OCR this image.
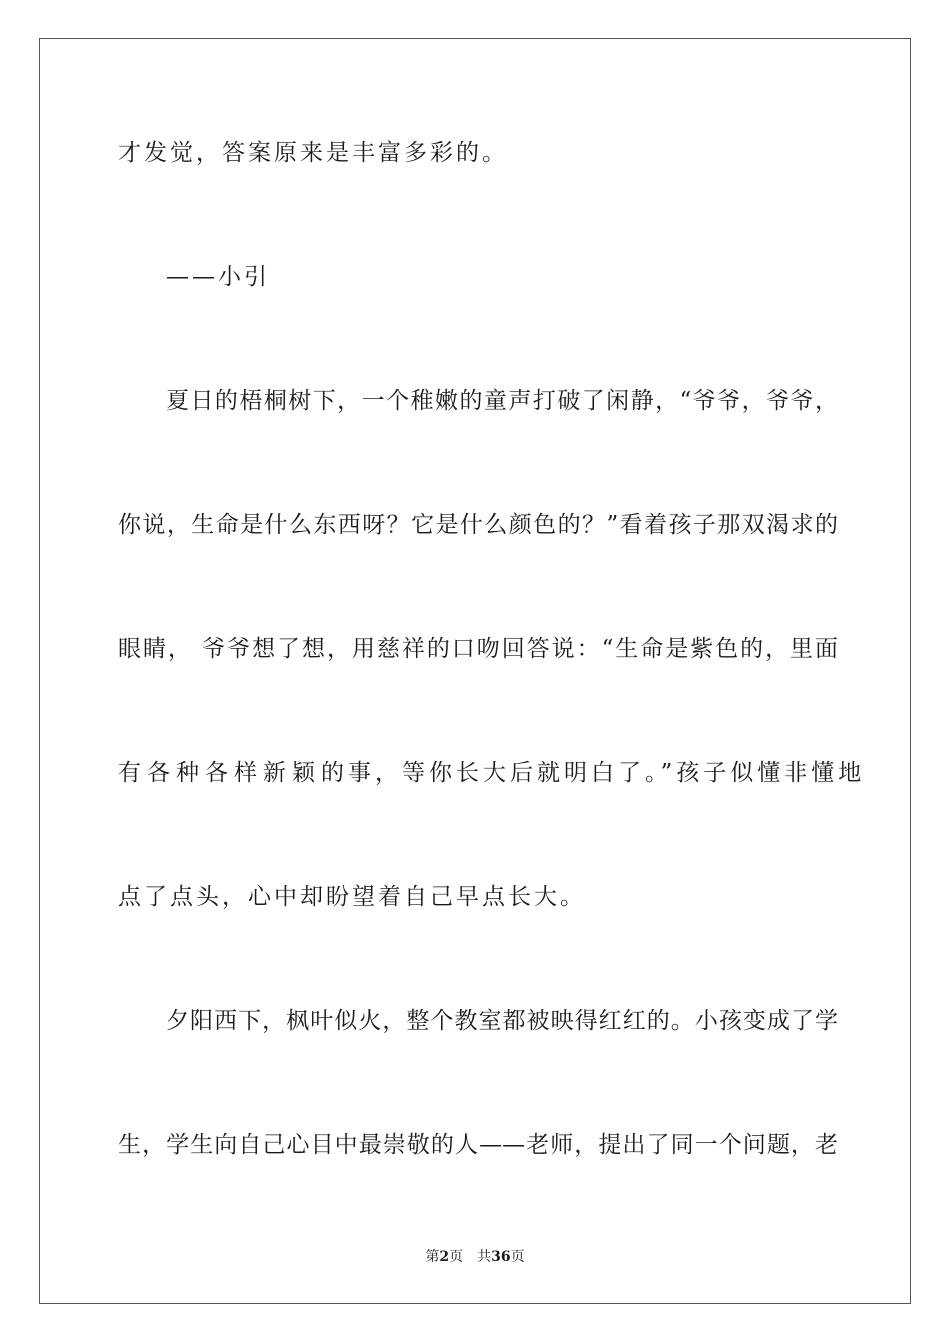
才发觉，答案原来是丰富多彩的。
——小引
夏日的梧桐树下，一个稚嫩的童声打破了闲静，“爷爷，爷爷，
你说，生命是什么东西呀？它是什么颜色的？”看着孩子那双渴求的
眼睛， 爷爷想了想，用慈祥的口吻回答说：“生命是紫色的，里面
有各种各样新颖 的事，等你长大后就明白了。”孩子似懂非懂地
点了点头，心中却盼望着自己早点长大。
夕阳西下，枫叶似火，整个教室都被映得红红的。小孩变成了学
生，学生向自己心目中最崇敬的人——老师，提出了同一个问题，老
第2页 共36页
